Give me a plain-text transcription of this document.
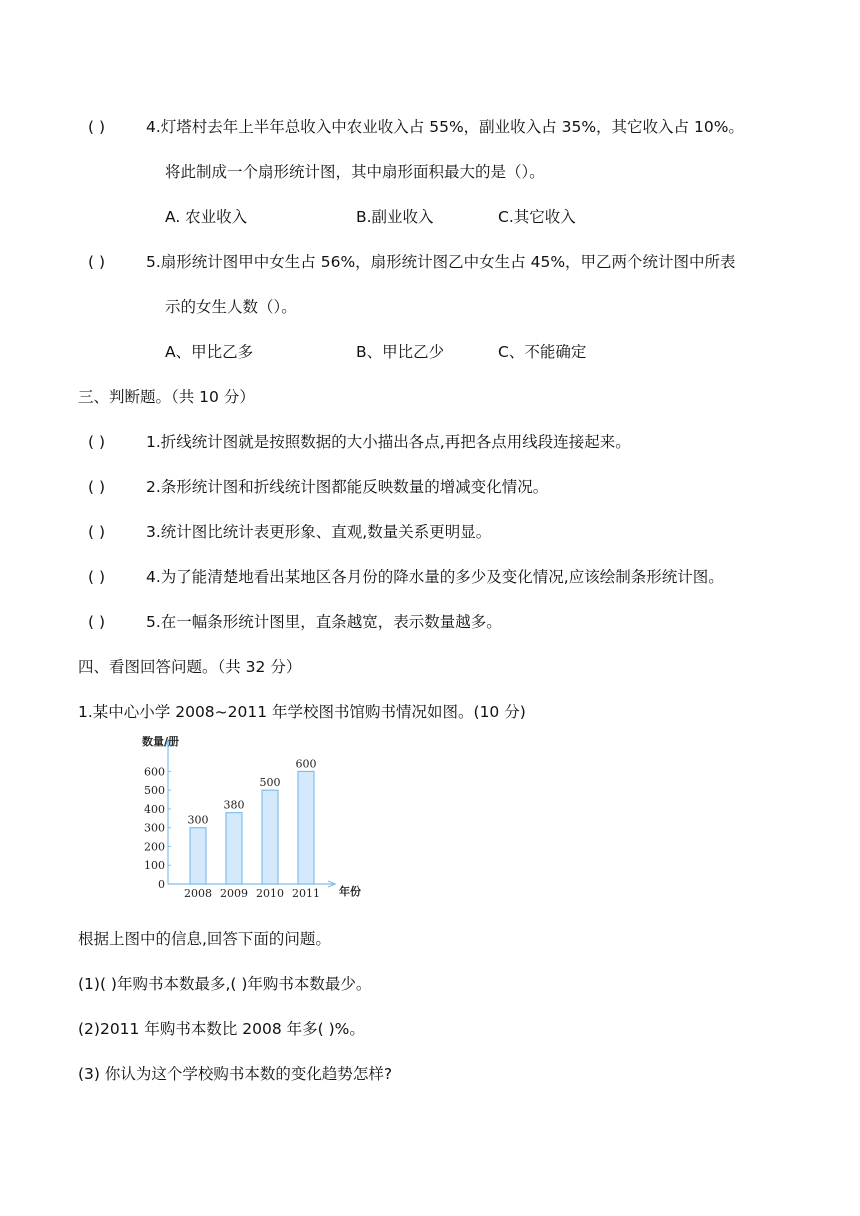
( )	4.灯塔村去年上半年总收入中农业收入占 55%，副业收入占 35%，其它收入占 10%。
将此制成一个扇形统计图，其中扇形面积最大的是（）。
A. 农业收入	B.副业收入	C.其它收入
( )	5.扇形统计图甲中女生占 56%，扇形统计图乙中女生占 45%，甲乙两个统计图中所表
示的女生人数（）。
A、甲比乙多	B、甲比乙少	C、不能确定
三、判断题。（共 10 分）
( )	1.折线统计图就是按照数据的大小描出各点,再把各点用线段连接起来。
( )	2.条形统计图和折线统计图都能反映数量的增减变化情况。
( )	3.统计图比统计表更形象、直观,数量关系更明显。
( )	4.为了能清楚地看出某地区各月份的降水量的多少及变化情况,应该绘制条形统计图。
( )	5.在一幅条形统计图里，直条越宽，表示数量越多。
四、看图回答问题。（共 32 分）
1.某中心小学 2008~2011 年学校图书馆购书情况如图。(10 分)
数量/册
年份
0
100
200
300
400
500
600
300
2008
380
2009
500
2010
600
2011
根据上图中的信息,回答下面的问题。
(1)( )年购书本数最多,( )年购书本数最少。
(2)2011 年购书本数比 2008 年多( )%。
(3) 你认为这个学校购书本数的变化趋势怎样?
